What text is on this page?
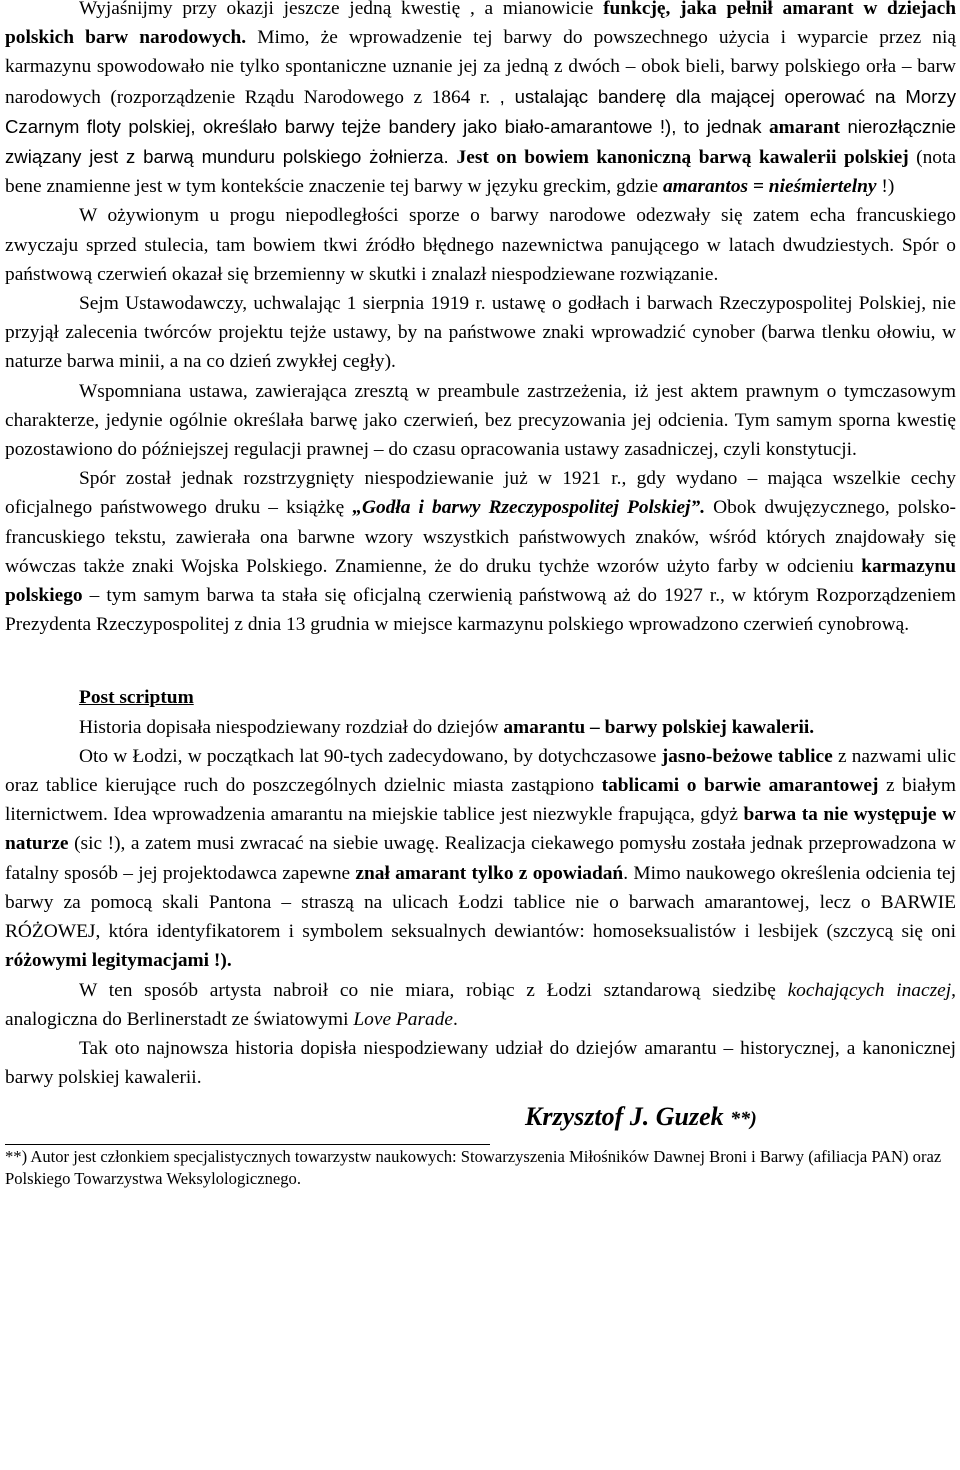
Wyjaśnijmy przy okazji jeszcze jedną kwestię , a mianowicie funkcję, jaka pełnił amarant w dziejach polskich barw narodowych. Mimo, że wprowadzenie tej barwy do powszechnego użycia i wyparcie przez nią karmazynu spowodowało nie tylko spontaniczne uznanie jej za jedną z dwóch – obok bieli, barwy polskiego orła – barw narodowych (rozporządzenie Rządu Narodowego z 1864 r. , ustalając banderę dla mającej operować na Morzy Czarnym floty polskiej, określało barwy tejże bandery jako biało-amarantowe !), to jednak amarant nierozłącznie związany jest z barwą munduru polskiego żołnierza. Jest on bowiem kanoniczną barwą kawalerii polskiej (nota bene znamienne jest w tym kontekście znaczenie tej barwy w języku greckim, gdzie amarantos = nieśmiertelny !)

W ożywionym u progu niepodległości sporze o barwy narodowe odezwały się zatem echa francuskiego zwyczaju sprzed stulecia, tam bowiem tkwi źródło błędnego nazewnictwa panującego w latach dwudziestych. Spór o państwową czerwień okazał się brzemienny w skutki i znalazł niespodziewane rozwiązanie.

Sejm Ustawodawczy, uchwalając 1 sierpnia 1919 r. ustawę o godłach i barwach Rzeczypospolitej Polskiej, nie przyjął zalecenia twórców projektu tejże ustawy, by na państwowe znaki wprowadzić cynober (barwa tlenku ołowiu, w naturze barwa minii, a na co dzień zwykłej cegły).

Wspomniana ustawa, zawierająca zresztą w preambule zastrzeżenia, iż jest aktem prawnym o tymczasowym charakterze, jedynie ogólnie określała barwę jako czerwień, bez precyzowania jej odcienia. Tym samym sporna kwestię pozostawiono do późniejszej regulacji prawnej – do czasu opracowania ustawy zasadniczej, czyli konstytucji.

Spór został jednak rozstrzygnięty niespodziewanie już w 1921 r., gdy wydano – mająca wszelkie cechy oficjalnego państwowego druku – książkę „Godła i barwy Rzeczypospolitej Polskiej”. Obok dwujęzycznego, polsko-francuskiego tekstu, zawierała ona barwne wzory wszystkich państwowych znaków, wśród których znajdowały się wówczas także znaki Wojska Polskiego. Znamienne, że do druku tychże wzorów użyto farby w odcieniu karmazynu polskiego – tym samym barwa ta stała się oficjalną czerwienią państwową aż do 1927 r., w którym Rozporządzeniem Prezydenta Rzeczypospolitej z dnia 13 grudnia w miejsce karmazynu polskiego wprowadzono czerwień cynobrową.

Post scriptum

Historia dopisała niespodziewany rozdział do dziejów amarantu – barwy polskiej kawalerii.

Oto w Łodzi, w początkach lat 90-tych zadecydowano, by dotychczasowe jasno-beżowe tablice z nazwami ulic oraz tablice kierujące ruch do poszczególnych dzielnic miasta zastąpiono tablicami o barwie amarantowej z białym liternictwem. Idea wprowadzenia amarantu na miejskie tablice jest niezwykle frapująca, gdyż barwa ta nie występuje w naturze (sic !), a zatem musi zwracać na siebie uwagę. Realizacja ciekawego pomysłu została jednak przeprowadzona w fatalny sposób – jej projektodawca zapewne znał amarant tylko z opowiadań. Mimo naukowego określenia odcienia tej barwy za pomocą skali Pantona – straszą na ulicach Łodzi tablice nie o barwach amarantowej, lecz o BARWIE RÓŻOWEJ, która identyfikatorem i symbolem seksualnych dewiantów: homoseksualistów i lesbijek (szczycą się oni różowymi legitymacjami !).

W ten sposób artysta nabroił co nie miara, robiąc z Łodzi sztandarową siedzibę kochających inaczej, analogiczna do Berlinerstadt ze światowymi Love Parade.

Tak oto najnowsza historia dopisła niespodziewany udział do dziejów amarantu – historycznej, a kanonicznej barwy polskiej kawalerii.

Krzysztof J. Guzek **)

**) Autor jest członkiem specjalistycznych towarzystw naukowych: Stowarzyszenia Miłośników Dawnej Broni i Barwy (afiliacja PAN) oraz Polskiego Towarzystwa Weksylologicznego.
